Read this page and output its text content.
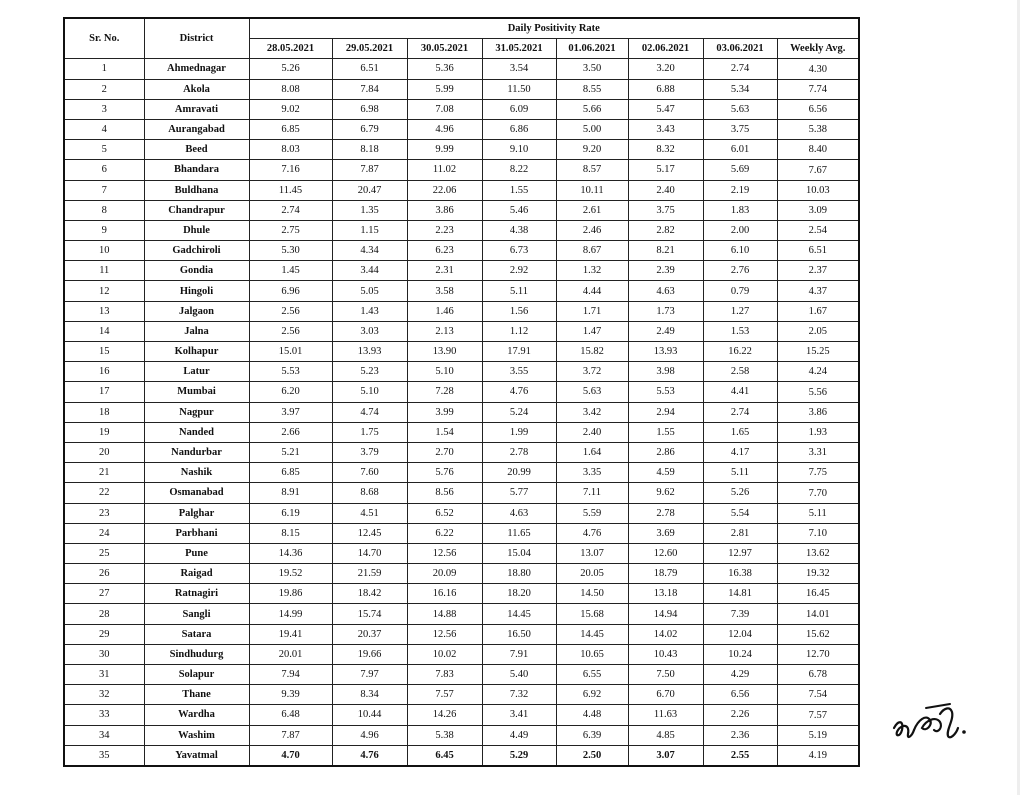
Sr. No.	District	Daily Positivity Rate							
		28.05.2021	29.05.2021	30.05.2021	31.05.2021	01.06.2021	02.06.2021	03.06.2021	Weekly Avg.
1	Ahmednagar	5.26	6.51	5.36	3.54	3.50	3.20	2.74	4.30
2	Akola	8.08	7.84	5.99	11.50	8.55	6.88	5.34	7.74
3	Amravati	9.02	6.98	7.08	6.09	5.66	5.47	5.63	6.56
4	Aurangabad	6.85	6.79	4.96	6.86	5.00	3.43	3.75	5.38
5	Beed	8.03	8.18	9.99	9.10	9.20	8.32	6.01	8.40
6	Bhandara	7.16	7.87	11.02	8.22	8.57	5.17	5.69	7.67
7	Buldhana	11.45	20.47	22.06	1.55	10.11	2.40	2.19	10.03
8	Chandrapur	2.74	1.35	3.86	5.46	2.61	3.75	1.83	3.09
9	Dhule	2.75	1.15	2.23	4.38	2.46	2.82	2.00	2.54
10	Gadchiroli	5.30	4.34	6.23	6.73	8.67	8.21	6.10	6.51
11	Gondia	1.45	3.44	2.31	2.92	1.32	2.39	2.76	2.37
12	Hingoli	6.96	5.05	3.58	5.11	4.44	4.63	0.79	4.37
13	Jalgaon	2.56	1.43	1.46	1.56	1.71	1.73	1.27	1.67
14	Jalna	2.56	3.03	2.13	1.12	1.47	2.49	1.53	2.05
15	Kolhapur	15.01	13.93	13.90	17.91	15.82	13.93	16.22	15.25
16	Latur	5.53	5.23	5.10	3.55	3.72	3.98	2.58	4.24
17	Mumbai	6.20	5.10	7.28	4.76	5.63	5.53	4.41	5.56
18	Nagpur	3.97	4.74	3.99	5.24	3.42	2.94	2.74	3.86
19	Nanded	2.66	1.75	1.54	1.99	2.40	1.55	1.65	1.93
20	Nandurbar	5.21	3.79	2.70	2.78	1.64	2.86	4.17	3.31
21	Nashik	6.85	7.60	5.76	20.99	3.35	4.59	5.11	7.75
22	Osmanabad	8.91	8.68	8.56	5.77	7.11	9.62	5.26	7.70
23	Palghar	6.19	4.51	6.52	4.63	5.59	2.78	5.54	5.11
24	Parbhani	8.15	12.45	6.22	11.65	4.76	3.69	2.81	7.10
25	Pune	14.36	14.70	12.56	15.04	13.07	12.60	12.97	13.62
26	Raigad	19.52	21.59	20.09	18.80	20.05	18.79	16.38	19.32
27	Ratnagiri	19.86	18.42	16.16	18.20	14.50	13.18	14.81	16.45
28	Sangli	14.99	15.74	14.88	14.45	15.68	14.94	7.39	14.01
29	Satara	19.41	20.37	12.56	16.50	14.45	14.02	12.04	15.62
30	Sindhudurg	20.01	19.66	10.02	7.91	10.65	10.43	10.24	12.70
31	Solapur	7.94	7.97	7.83	5.40	6.55	7.50	4.29	6.78
32	Thane	9.39	8.34	7.57	7.32	6.92	6.70	6.56	7.54
33	Wardha	6.48	10.44	14.26	3.41	4.48	11.63	2.26	7.57
34	Washim	7.87	4.96	5.38	4.49	6.39	4.85	2.36	5.19
35	Yavatmal	4.70	4.76	6.45	5.29	2.50	3.07	2.55	4.19
